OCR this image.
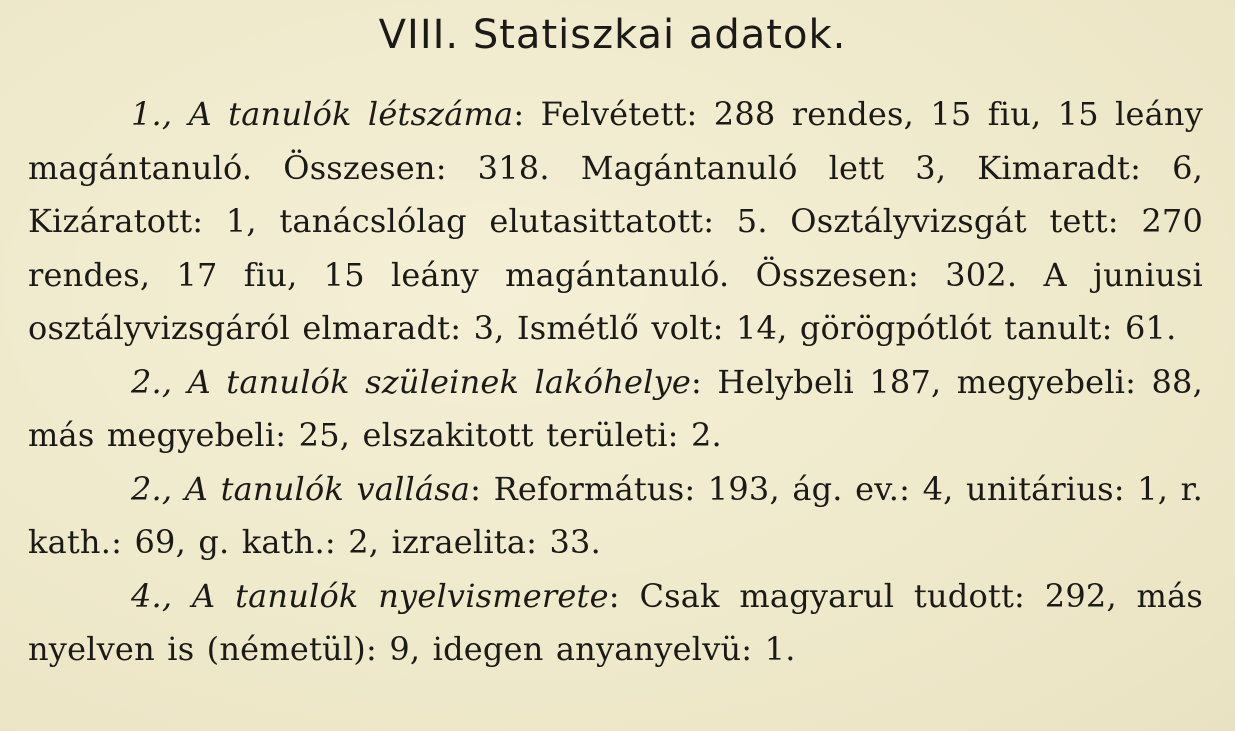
VIII. Statiszkai adatok.

1., A tanulók létszáma: Felvétett: 288 rendes, 15 fiu, 15 leány magántanuló. Összesen: 318. Magántanuló lett 3, Kimaradt: 6, Kizáratott: 1, tanácslólag elutasittatott: 5. Osztályvizsgát tett: 270 rendes, 17 fiu, 15 leány magántanuló. Összesen: 302. A juniusi osztályvizsgáról elmaradt: 3, Ismétlő volt: 14, görögpótlót tanult: 61.

2., A tanulók szüleinek lakóhelye: Helybeli 187, megyebeli: 88, más megyebeli: 25, elszakitott területi: 2.

2., A tanulók vallása: Református: 193, ág. ev.: 4, unitárius: 1, r. kath.: 69, g. kath.: 2, izraelita: 33.

4., A tanulók nyelvismerete: Csak magyarul tudott: 292, más nyelven is (németül): 9, idegen anyanyelvü: 1.
